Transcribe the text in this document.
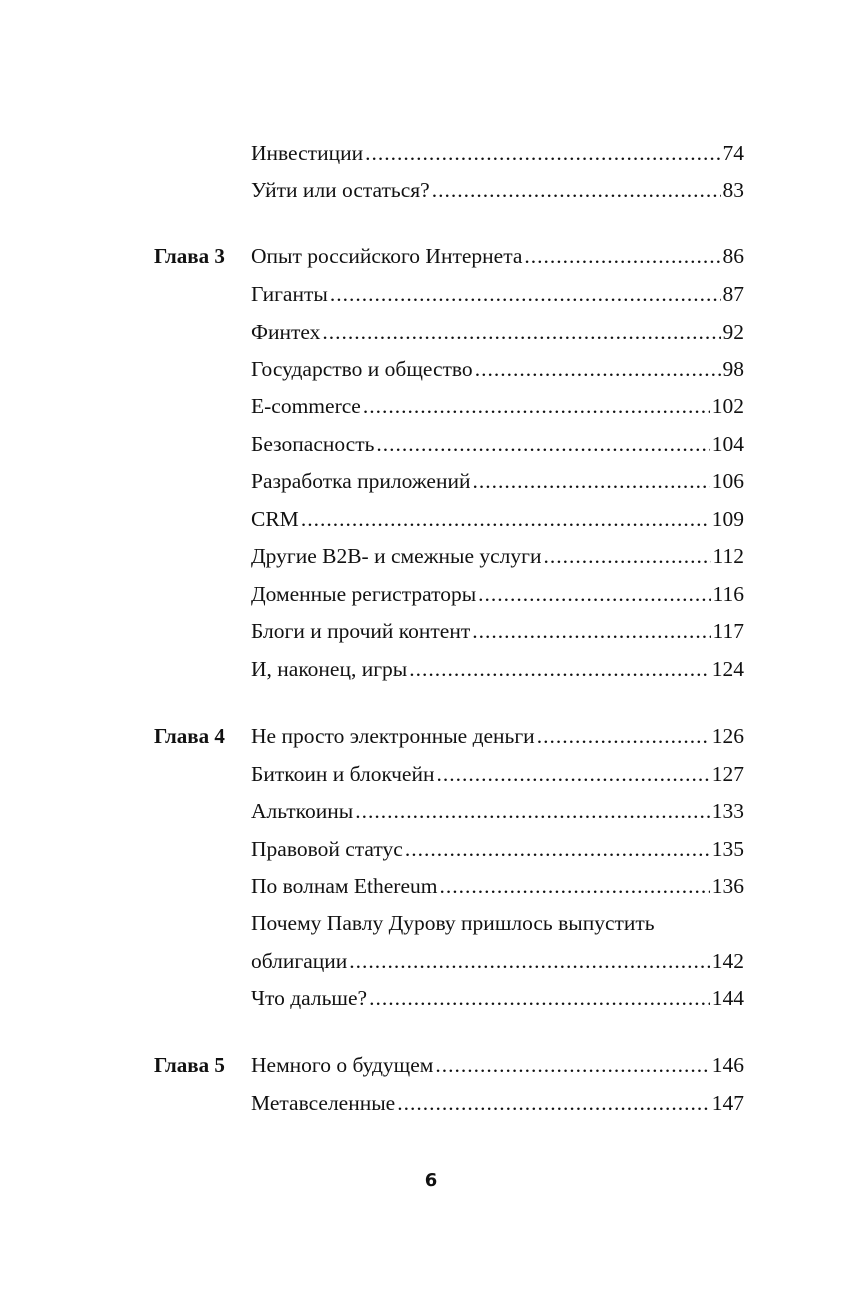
Инвестиции .....	74
Уйти или остаться? .....	83
Глава 3 Опыт российского Интернета .....	86
Гиганты .....	87
Финтех .....	92
Государство и общество .....	98
E-commerce .....	102
Безопасность .....	104
Разработка приложений .....	106
CRM .....	109
Другие B2B- и смежные услуги .....	112
Доменные регистраторы .....	116
Блоги и прочий контент .....	117
И, наконец, игры .....	124
Глава 4 Не просто электронные деньги .....	126
Биткоин и блокчейн .....	127
Альткоины .....	133
Правовой статус .....	135
По волнам Ethereum .....	136
Почему Павлу Дурову пришлось выпустить
облигации .....	142
Что дальше? .....	144
Глава 5 Немного о будущем .....	146
Метавселенные .....	147
6
